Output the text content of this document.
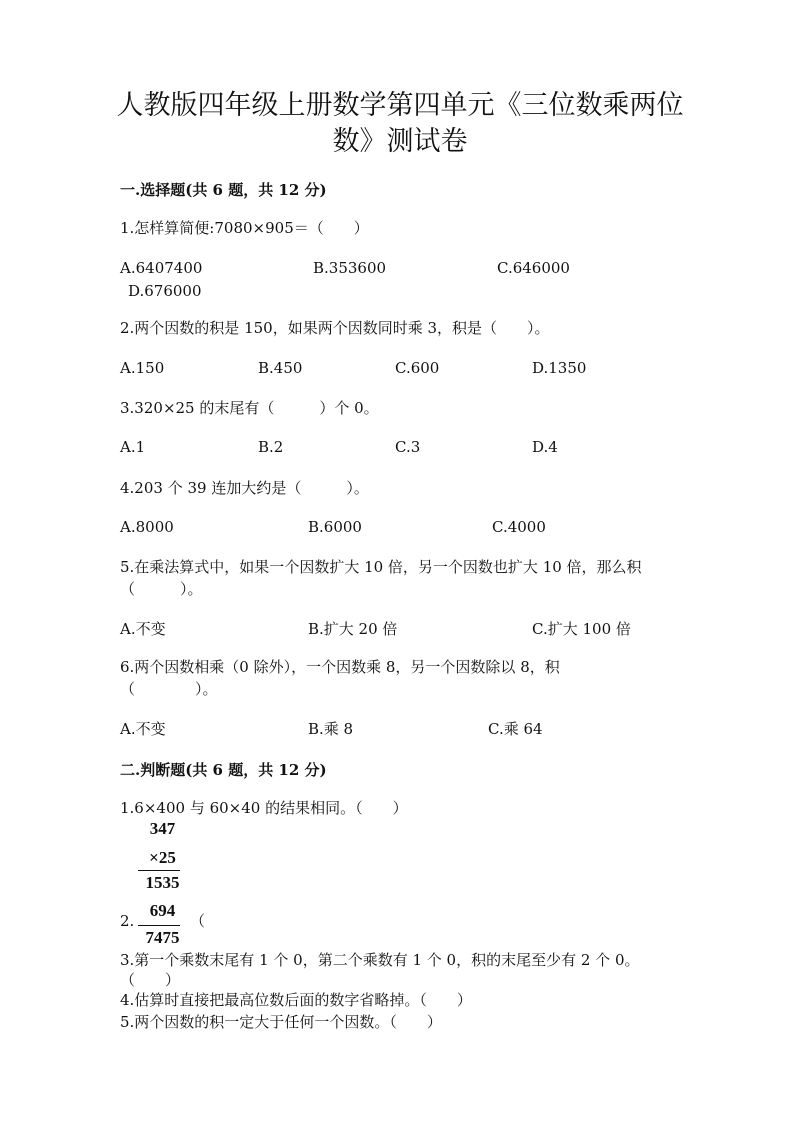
人教版四年级上册数学第四单元《三位数乘两位
数》测试卷
一.选择题(共 6 题，共 12 分)
1.怎样算简便:7080×905＝（　　）
A.6407400	B.353600	C.646000
D.676000
2.两个因数的积是 150，如果两个因数同时乘 3，积是（　　）。
A.150	B.450	C.600	D.1350
3.320×25 的末尾有（　　　）个 0。
A.1	B.2	C.3	D.4
4.203 个 39 连加大约是（　　　）。
A.8000	B.6000	C.4000
5.在乘法算式中，如果一个因数扩大 10 倍，另一个因数也扩大 10 倍，那么积
（　　　）。
A.不变	B.扩大 20 倍	C.扩大 100 倍
6.两个因数相乘（0 除外），一个因数乘 8，另一个因数除以 8，积
（　　　　）。
A.不变	B.乘 8	C.乘 64
二.判断题(共 6 题，共 12 分)
1.6×400 与 60×40 的结果相同。（　　）
347
×25
1535
694
7475
2.	（
3.第一个乘数末尾有 1 个 0，第二个乘数有 1 个 0，积的末尾至少有 2 个 0。
（　　）
4.估算时直接把最高位数后面的数字省略掉。（　　）
5.两个因数的积一定大于任何一个因数。（　　）
